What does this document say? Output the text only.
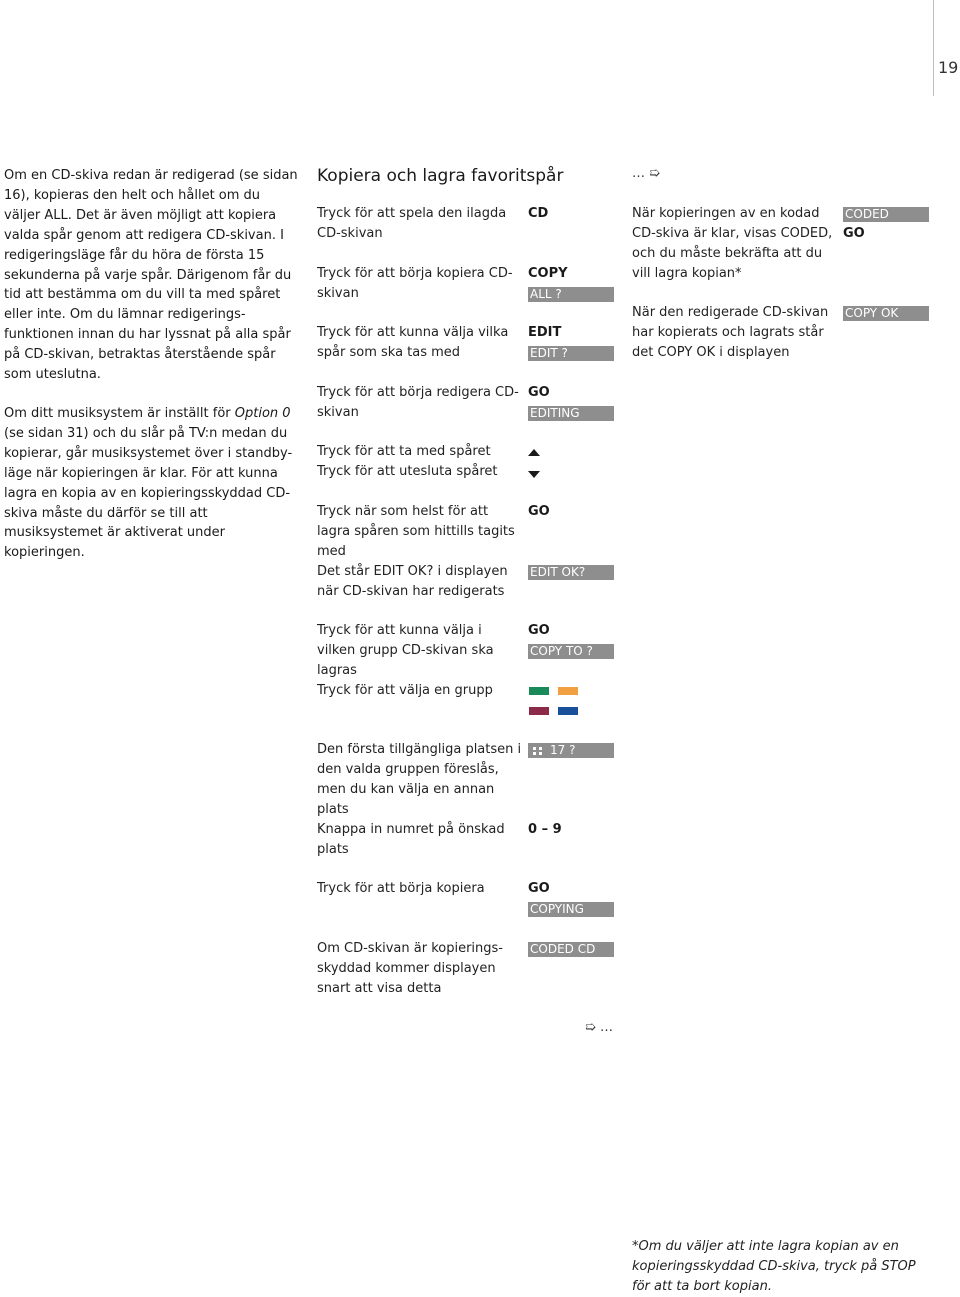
19

Om en CD-skiva redan är redigerad (se sidan 16), kopieras den helt och hållet om du väljer ALL. Det är även möjligt att kopiera valda spår genom att redigera CD-skivan. I redigeringsläge får du höra de första 15 sekunderna på varje spår. Därigenom får du tid att bestämma om du vill ta med spåret eller inte. Om du lämnar redigerings-funktionen innan du har lyssnat på alla spår på CD-skivan, betraktas återstående spår som uteslutna.

Om ditt musiksystem är inställt för Option 0 (se sidan 31) och du slår på TV:n medan du kopierar, går musiksystemet över i standby-läge när kopieringen är klar. För att kunna lagra en kopia av en kopieringsskyddad CD-skiva måste du därför se till att musiksystemet är aktiverat under kopieringen.

Kopiera och lagra favoritspår
Tryck för att spela den ilagda CD-skivan
CD
Tryck för att börja kopiera CD-skivan
COPY
ALL ?
Tryck för att kunna välja vilka spår som ska tas med
EDIT
EDIT ?
Tryck för att börja redigera CD-skivan
GO
EDITING
Tryck för att ta med spåret
Tryck för att utesluta spåret
Tryck när som helst för att lagra spåren som hittills tagits med
GO
Det står EDIT OK? i displayen när CD-skivan har redigerats
EDIT OK?
Tryck för att kunna välja i vilken grupp CD-skivan ska lagras
GO
COPY TO ?
Tryck för att välja en grupp
Den första tillgängliga platsen i den valda gruppen föreslås, men du kan välja en annan plats
17 ?
Knappa in numret på önskad plats
0 – 9
Tryck för att börja kopiera	GO
COPYING
Om CD-skivan är kopierings-skyddad kommer displayen snart att visa detta
CODED CD
➯ …
… ➯
När kopieringen av en kodad CD-skiva är klar, visas CODED, och du måste bekräfta att du vill lagra kopian*
CODED
GO
När den redigerade CD-skivan har kopierats och lagrats står det COPY OK i displayen
COPY OK
*Om du väljer att inte lagra kopian av en kopieringsskyddad CD-skiva, tryck på STOP för att ta bort kopian.
